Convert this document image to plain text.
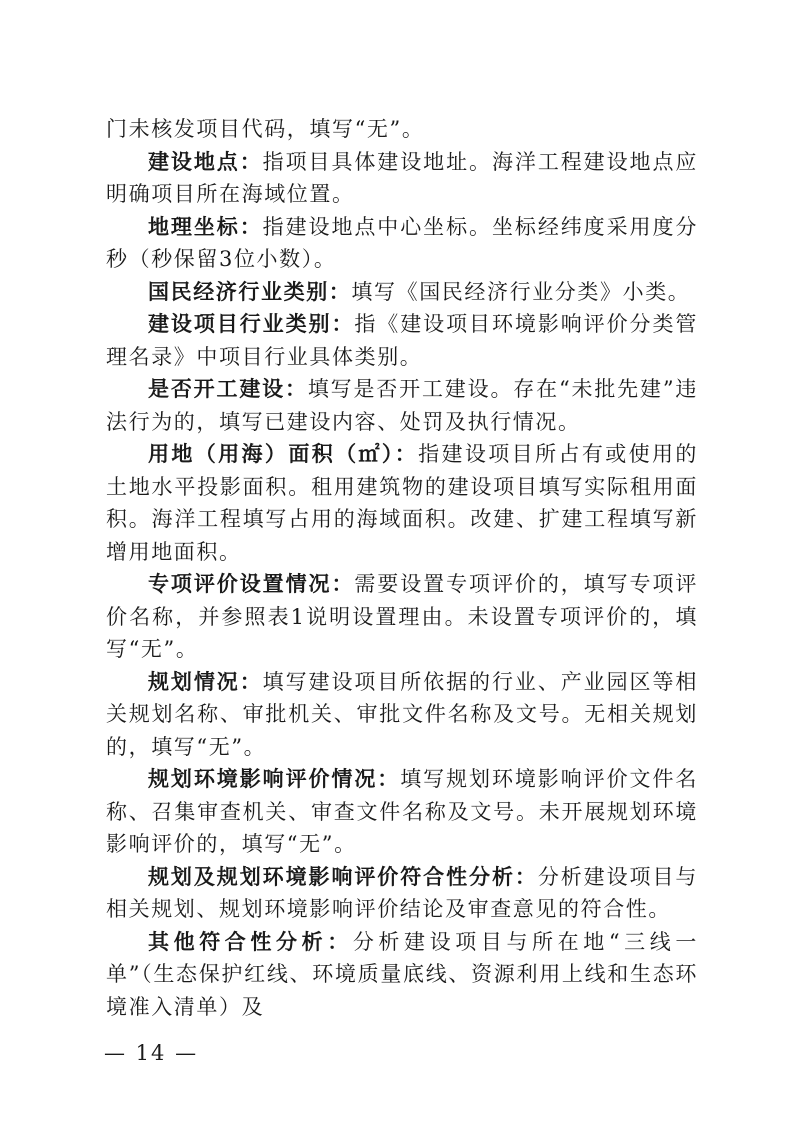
门未核发项目代码，填写“无”。

建设地点：指项目具体建设地址。海洋工程建设地点应明确项目所在海域位置。

地理坐标：指建设地点中心坐标。坐标经纬度采用度分秒（秒保留3位小数）。

国民经济行业类别：填写《国民经济行业分类》小类。

建设项目行业类别：指《建设项目环境影响评价分类管理名录》中项目行业具体类别。

是否开工建设：填写是否开工建设。存在“未批先建”违法行为的，填写已建设内容、处罚及执行情况。

用地（用海）面积（㎡）：指建设项目所占有或使用的土地水平投影面积。租用建筑物的建设项目填写实际租用面积。海洋工程填写占用的海域面积。改建、扩建工程填写新增用地面积。

专项评价设置情况：需要设置专项评价的，填写专项评价名称，并参照表1说明设置理由。未设置专项评价的，填写“无”。

规划情况：填写建设项目所依据的行业、产业园区等相关规划名称、审批机关、审批文件名称及文号。无相关规划的，填写“无”。

规划环境影响评价情况：填写规划环境影响评价文件名称、召集审查机关、审查文件名称及文号。未开展规划环境影响评价的，填写“无”。

规划及规划环境影响评价符合性分析：分析建设项目与相关规划、规划环境影响评价结论及审查意见的符合性。

其他符合性分析：分析建设项目与所在地“三线一单”（生态保护红线、环境质量底线、资源利用上线和生态环境准入清单）及

— 14 —
